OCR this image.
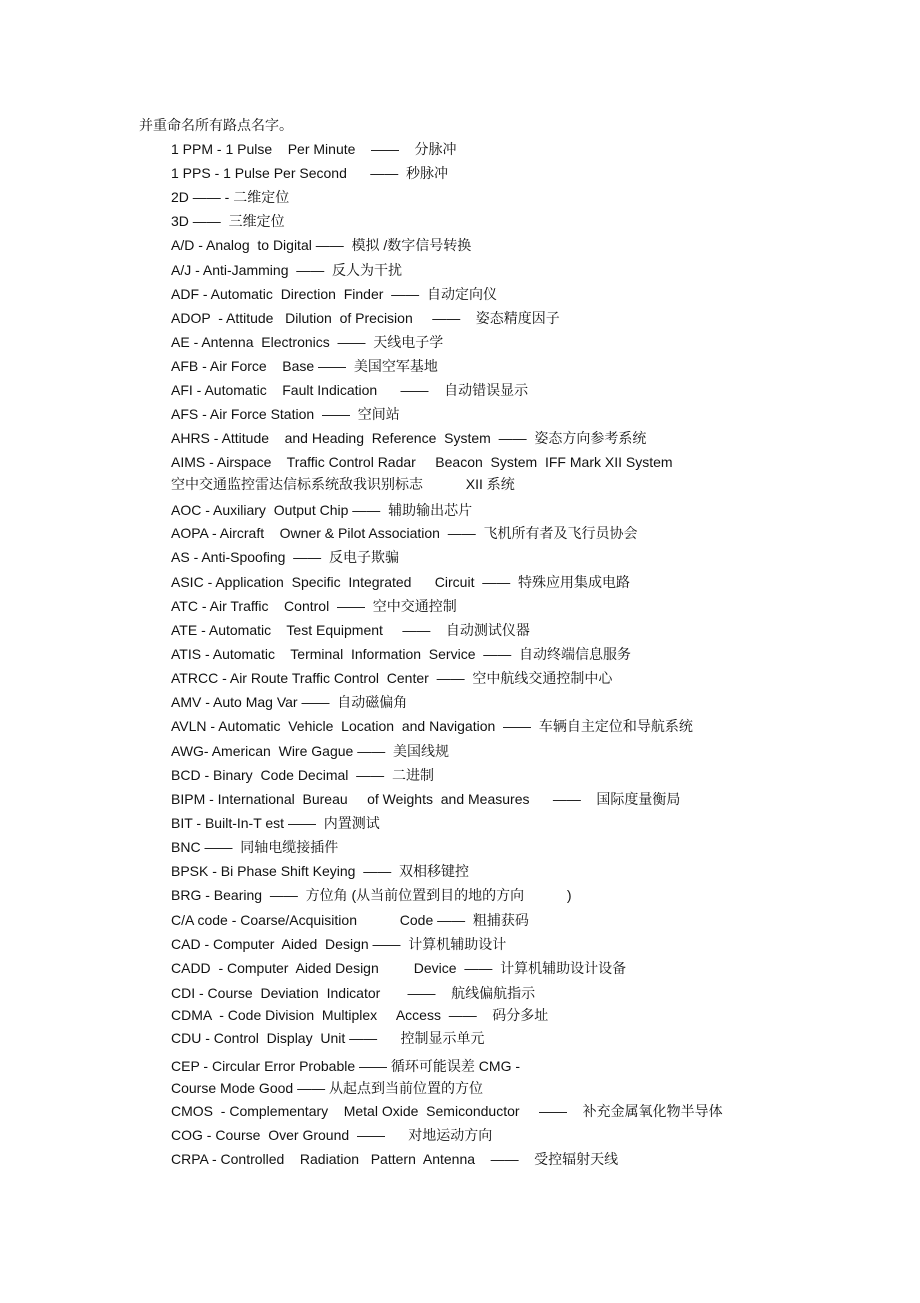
并重命名所有路点名字。
1 PPM - 1 Pulse    Per Minute    ——    分脉冲
1 PPS - 1 Pulse Per Second      ——  秒脉冲
2D —— - 二维定位
3D ——  三维定位
A/D - Analog  to Digital ——  模拟 /数字信号转换
A/J - Anti-Jamming  ——  反人为干扰
ADF - Automatic  Direction  Finder  ——  自动定向仪
ADOP  - Attitude   Dilution  of Precision     ——    姿态精度因子
AE - Antenna  Electronics  ——  天线电子学
AFB - Air Force    Base ——  美国空军基地
AFI - Automatic    Fault Indication      ——    自动错误显示
AFS - Air Force Station  ——  空间站
AHRS - Attitude    and Heading  Reference  System  ——  姿态方向参考系统
AIMS - Airspace    Traffic Control Radar     Beacon  System  IFF Mark XII System
空中交通监控雷达信标系统敌我识别标志           XII 系统
AOC - Auxiliary  Output Chip ——  辅助输出芯片
AOPA - Aircraft    Owner & Pilot Association  ——  飞机所有者及飞行员协会
AS - Anti-Spoofing  ——  反电子欺骗
ASIC - Application  Specific  Integrated      Circuit  ——  特殊应用集成电路
ATC - Air Traffic    Control  ——  空中交通控制
ATE - Automatic    Test Equipment     ——    自动测试仪器
ATIS - Automatic    Terminal  Information  Service  ——  自动终端信息服务
ATRCC - Air Route Traffic Control  Center  ——  空中航线交通控制中心
AMV - Auto Mag Var ——  自动磁偏角
AVLN - Automatic  Vehicle  Location  and Navigation  ——  车辆自主定位和导航系统
AWG- American  Wire Gague ——  美国线规
BCD - Binary  Code Decimal  ——  二进制
BIPM - International  Bureau     of Weights  and Measures      ——    国际度量衡局
BIT - Built-In-T est ——  内置测试
BNC ——  同轴电缆接插件
BPSK - Bi Phase Shift Keying  ——  双相移键控
BRG - Bearing  ——  方位角 (从当前位置到目的地的方向           )
C/A code - Coarse/Acquisition           Code ——  粗捕获码
CAD - Computer  Aided  Design ——  计算机辅助设计
CADD  - Computer  Aided Design         Device  ——  计算机辅助设计设备
CDI - Course  Deviation  Indicator       ——    航线偏航指示
CDMA  - Code Division  Multiplex     Access  ——    码分多址
CDU - Control  Display  Unit ——      控制显示单元
CEP - Circular Error Probable —— 循环可能误差 CMG -
Course Mode Good —— 从起点到当前位置的方位
CMOS  - Complementary    Metal Oxide  Semiconductor     ——    补充金属氧化物半导体
COG - Course  Over Ground  ——      对地运动方向
CRPA - Controlled    Radiation   Pattern  Antenna    ——    受控辐射天线
